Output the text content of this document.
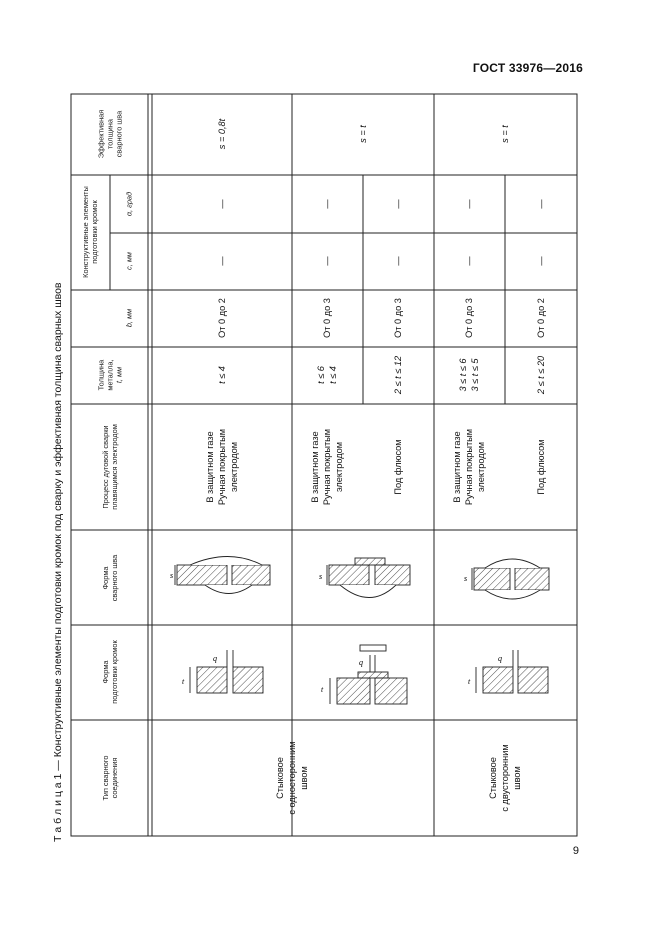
ГОСТ 33976—2016
9
Т а б л и ц а 1 — Конструктивные элементы подготовки кромок под сварку и эффективная толщина сварных швов	s
q
t
s
q
t
s
q
t
Тип сварного соединения
Форма подготовки кромок
Форма сварного шва
Процесс дуговой сварки плавящимся электродом
Толщина металла, t, мм
Конструктивные элементы подготовки кромок
b, мм
c, мм
α, град
Эффективная толщина сварного шва
Стыковое с односторонним швом
В защитном газе Ручная покрытым электродом
t ≤ 4
От 0 до 2
—
—
s = 0,8t
В защитном газе Ручная покрытым электродом
t ≤ 6 t ≤ 4
От 0 до 3
—
—
Под флюсом
2 ≤ t ≤ 12
От 0 до 3
—
—
s = t
Стыковое с двусторонним швом
В защитном газе Ручная покрытым электродом
3 ≤ t ≤ 6 3 ≤ t ≤ 5
От 0 до 3
—
—
Под флюсом
2 ≤ t ≤ 20
От 0 до 2
—
—
s = t
